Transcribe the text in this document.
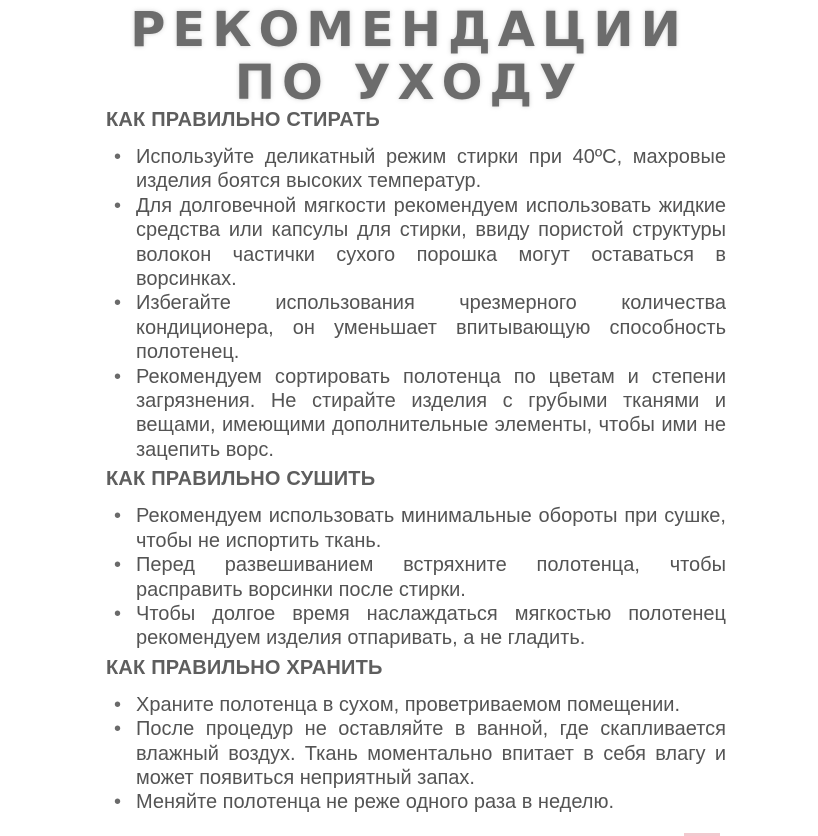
РЕКОМЕНДАЦИИ
ПО УХОДУ
КАК ПРАВИЛЬНО СТИРАТЬ
• Используйте деликатный режим стирки при 40ºС, махровые изделия боятся высоких температур.
• Для долговечной мягкости рекомендуем использовать жидкие средства или капсулы для стирки, ввиду пористой структуры волокон частички сухого порошка могут оставаться в ворсинках.
• Избегайте использования чрезмерного количества кондиционера, он уменьшает впитывающую способность полотенец.
• Рекомендуем сортировать полотенца по цветам и степени загрязнения. Не стирайте изделия с грубыми тканями и вещами, имеющими дополнительные элементы, чтобы ими не зацепить ворс.
КАК ПРАВИЛЬНО СУШИТЬ
• Рекомендуем использовать минимальные обороты при сушке, чтобы не испортить ткань.
• Перед развешиванием встряхните полотенца, чтобы расправить ворсинки после стирки.
• Чтобы долгое время наслаждаться мягкостью полотенец рекомендуем изделия отпаривать, а не гладить.
КАК ПРАВИЛЬНО ХРАНИТЬ
• Храните полотенца в сухом, проветриваемом помещении.
• После процедур не оставляйте в ванной, где скапливается влажный воздух. Ткань моментально впитает в себя влагу и может появиться неприятный запах.
• Меняйте полотенца не реже одного раза в неделю.
